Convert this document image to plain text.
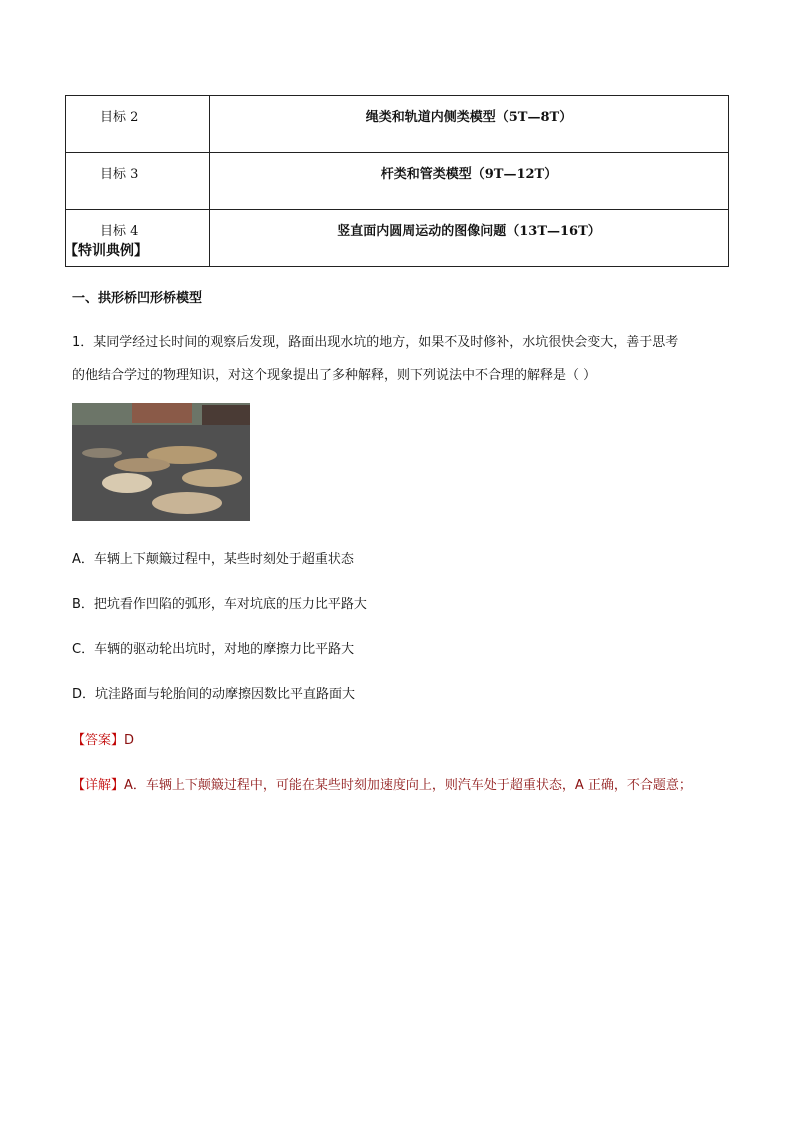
目标 2	绳类和轨道内侧类模型（5T—8T）
目标 3	杆类和管类模型（9T—12T）
目标 4	竖直面内圆周运动的图像问题（13T—16T）
【特训典例】
一、拱形桥凹形桥模型
1．某同学经过长时间的观察后发现，路面出现水坑的地方，如果不及时修补，水坑很快会变大，善于思考
的他结合学过的物理知识，对这个现象提出了多种解释，则下列说法中不合理的解释是（ ）
A．车辆上下颠簸过程中，某些时刻处于超重状态
B．把坑看作凹陷的弧形，车对坑底的压力比平路大
C．车辆的驱动轮出坑时，对地的摩擦力比平路大
D．坑洼路面与轮胎间的动摩擦因数比平直路面大
【答案】D
【详解】A．车辆上下颠簸过程中，可能在某些时刻加速度向上，则汽车处于超重状态，A 正确，不合题意；
